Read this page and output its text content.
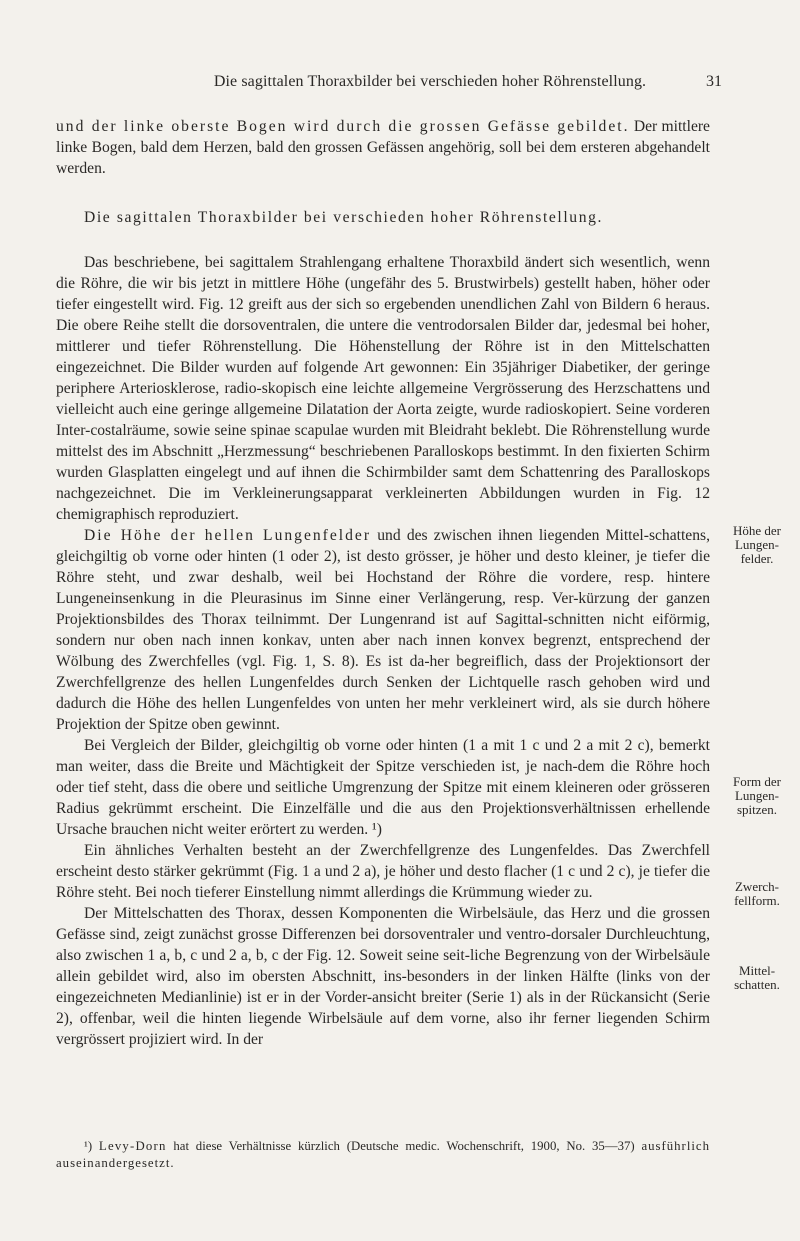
Die sagittalen Thoraxbilder bei verschieden hoher Röhrenstellung.	31

und der linke oberste Bogen wird durch die grossen Gefässe gebildet. Der mittlere linke Bogen, bald dem Herzen, bald den grossen Gefässen angehörig, soll bei dem ersteren abgehandelt werden.

Die sagittalen Thoraxbilder bei verschieden hoher Röhrenstellung.

Das beschriebene, bei sagittalem Strahlengang erhaltene Thoraxbild ändert sich wesentlich, wenn die Röhre, die wir bis jetzt in mittlere Höhe (ungefähr des 5. Brustwirbels) gestellt haben, höher oder tiefer eingestellt wird. Fig. 12 greift aus der sich so ergebenden unendlichen Zahl von Bildern 6 heraus. Die obere Reihe stellt die dorsoventralen, die untere die ventrodorsalen Bilder dar, jedesmal bei hoher, mittlerer und tiefer Röhrenstellung. Die Höhenstellung der Röhre ist in den Mittelschatten eingezeichnet. Die Bilder wurden auf folgende Art gewonnen: Ein 35jähriger Diabetiker, der geringe periphere Arteriosklerose, radio-skopisch eine leichte allgemeine Vergrösserung des Herzschattens und vielleicht auch eine geringe allgemeine Dilatation der Aorta zeigte, wurde radioskopiert. Seine vorderen Inter-costalräume, sowie seine spinae scapulae wurden mit Bleidraht beklebt. Die Röhrenstellung wurde mittelst des im Abschnitt „Herzmessung“ beschriebenen Paralloskops bestimmt. In den fixierten Schirm wurden Glasplatten eingelegt und auf ihnen die Schirmbilder samt dem Schattenring des Paralloskops nachgezeichnet. Die im Verkleinerungsapparat verkleinerten Abbildungen wurden in Fig. 12 chemigraphisch reproduziert.

Die Höhe der hellen Lungenfelder und des zwischen ihnen liegenden Mittel-schattens, gleichgiltig ob vorne oder hinten (1 oder 2), ist desto grösser, je höher und desto kleiner, je tiefer die Röhre steht, und zwar deshalb, weil bei Hochstand der Röhre die vordere, resp. hintere Lungeneinsenkung in die Pleurasinus im Sinne einer Verlängerung, resp. Ver-kürzung der ganzen Projektionsbildes des Thorax teilnimmt. Der Lungenrand ist auf Sagittal-schnitten nicht eiförmig, sondern nur oben nach innen konkav, unten aber nach innen konvex begrenzt, entsprechend der Wölbung des Zwerchfelles (vgl. Fig. 1, S. 8). Es ist da-her begreiflich, dass der Projektionsort der Zwerchfellgrenze des hellen Lungenfeldes durch Senken der Lichtquelle rasch gehoben wird und dadurch die Höhe des hellen Lungenfeldes von unten her mehr verkleinert wird, als sie durch höhere Projektion der Spitze oben gewinnt.

Bei Vergleich der Bilder, gleichgiltig ob vorne oder hinten (1 a mit 1 c und 2 a mit 2 c), bemerkt man weiter, dass die Breite und Mächtigkeit der Spitze verschieden ist, je nach-dem die Röhre hoch oder tief steht, dass die obere und seitliche Umgrenzung der Spitze mit einem kleineren oder grösseren Radius gekrümmt erscheint. Die Einzelfälle und die aus den Projektionsverhältnissen erhellende Ursache brauchen nicht weiter erörtert zu werden. ¹)

Ein ähnliches Verhalten besteht an der Zwerchfellgrenze des Lungenfeldes. Das Zwerchfell erscheint desto stärker gekrümmt (Fig. 1 a und 2 a), je höher und desto flacher (1 c und 2 c), je tiefer die Röhre steht. Bei noch tieferer Einstellung nimmt allerdings die Krümmung wieder zu.

Der Mittelschatten des Thorax, dessen Komponenten die Wirbelsäule, das Herz und die grossen Gefässe sind, zeigt zunächst grosse Differenzen bei dorsoventraler und ventro-dorsaler Durchleuchtung, also zwischen 1 a, b, c und 2 a, b, c der Fig. 12. Soweit seine seit-liche Begrenzung von der Wirbelsäule allein gebildet wird, also im obersten Abschnitt, ins-besonders in der linken Hälfte (links von der eingezeichneten Medianlinie) ist er in der Vorder-ansicht breiter (Serie 1) als in der Rückansicht (Serie 2), offenbar, weil die hinten liegende Wirbelsäule auf dem vorne, also ihr ferner liegenden Schirm vergrössert projiziert wird. In der

Höhe der Lungen-felder.
Form der Lungen-spitzen.
Zwerch-fellform.
Mittel-schatten.
¹) Levy-Dorn hat diese Verhältnisse kürzlich (Deutsche medic. Wochenschrift, 1900, No. 35—37) ausführlich auseinandergesetzt.
